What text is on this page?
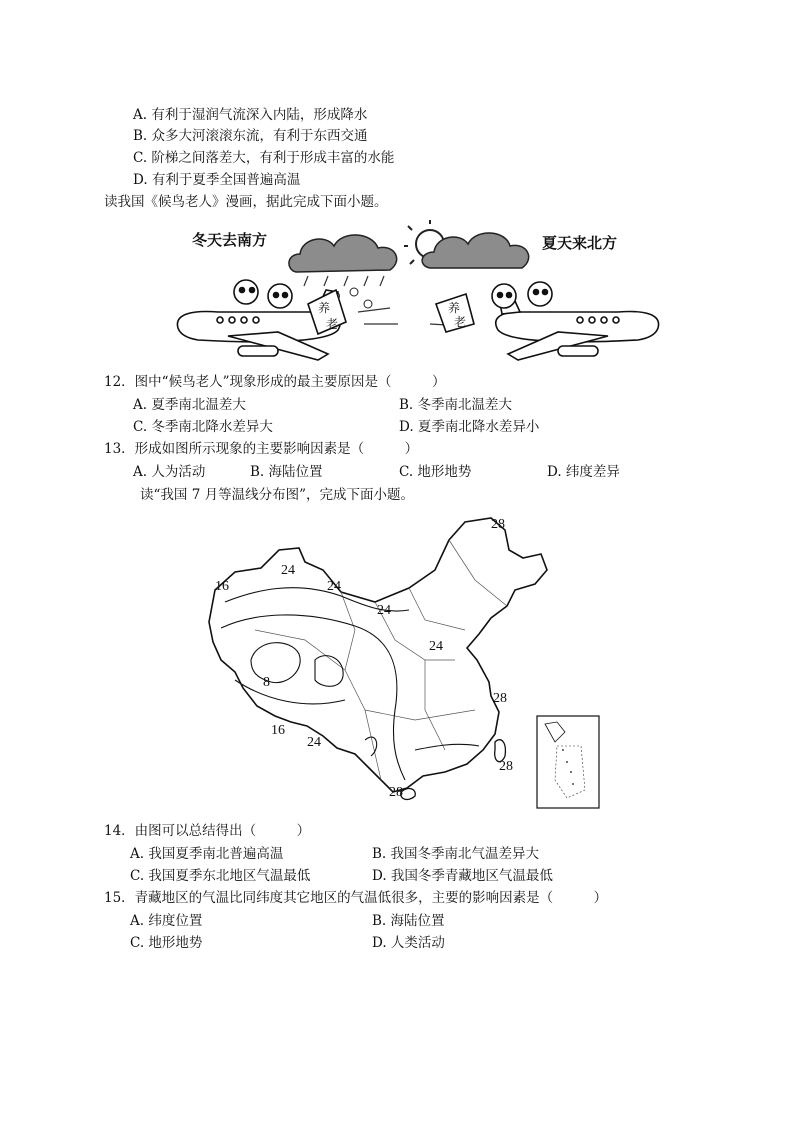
A. 有利于湿润气流深入内陆，形成降水
B. 众多大河滚滚东流，有利于东西交通
C. 阶梯之间落差大，有利于形成丰富的水能
D. 有利于夏季全国普遍高温
读我国《候鸟老人》漫画，据此完成下面小题。
冬天去南方	夏天来北方
养
老
养
老
12．图中“候鸟老人”现象形成的最主要原因是（　　　）
A. 夏季南北温差大	B. 冬季南北温差大
C. 冬季南北降水差异大	D. 夏季南北降水差异小
13．形成如图所示现象的主要影响因素是（　　　）
A. 人为活动	B. 海陆位置	C. 地形地势	D. 纬度差异
读“我国 7 月等温线分布图”，完成下面小题。
28
24
16	24
24
24
8
28
16
24
28
28
14．由图可以总结得出（　　　）
A. 我国夏季南北普遍高温	B. 我国冬季南北气温差异大
C. 我国夏季东北地区气温最低	D. 我国冬季青藏地区气温最低
15．青藏地区的气温比同纬度其它地区的气温低很多，主要的影响因素是（　　　）
A. 纬度位置	B. 海陆位置
C. 地形地势	D. 人类活动
